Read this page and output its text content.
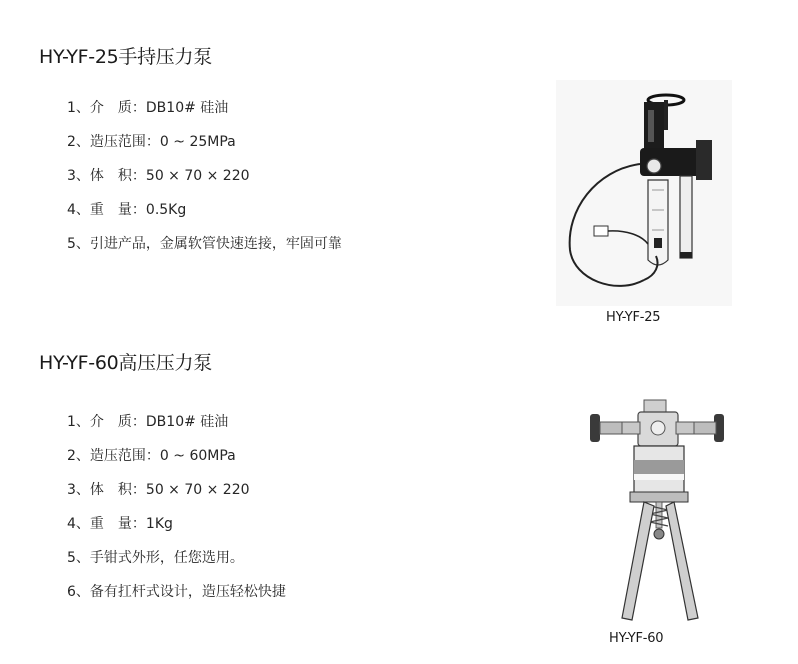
HY-YF-25手持压力泵
1、介　质：DB10# 硅油
2、造压范围：0 ~ 25MPa
3、体　积：50 × 70 × 220
4、重　量：0.5Kg
5、引进产品，金属软管快速连接，牢固可靠
HY-YF-25
HY-YF-60高压压力泵
1、介　质：DB10# 硅油
2、造压范围：0 ~ 60MPa
3、体　积：50 × 70 × 220
4、重　量：1Kg
5、手钳式外形，任您选用。
6、备有扛杆式设计，造压轻松快捷
HY-YF-60
